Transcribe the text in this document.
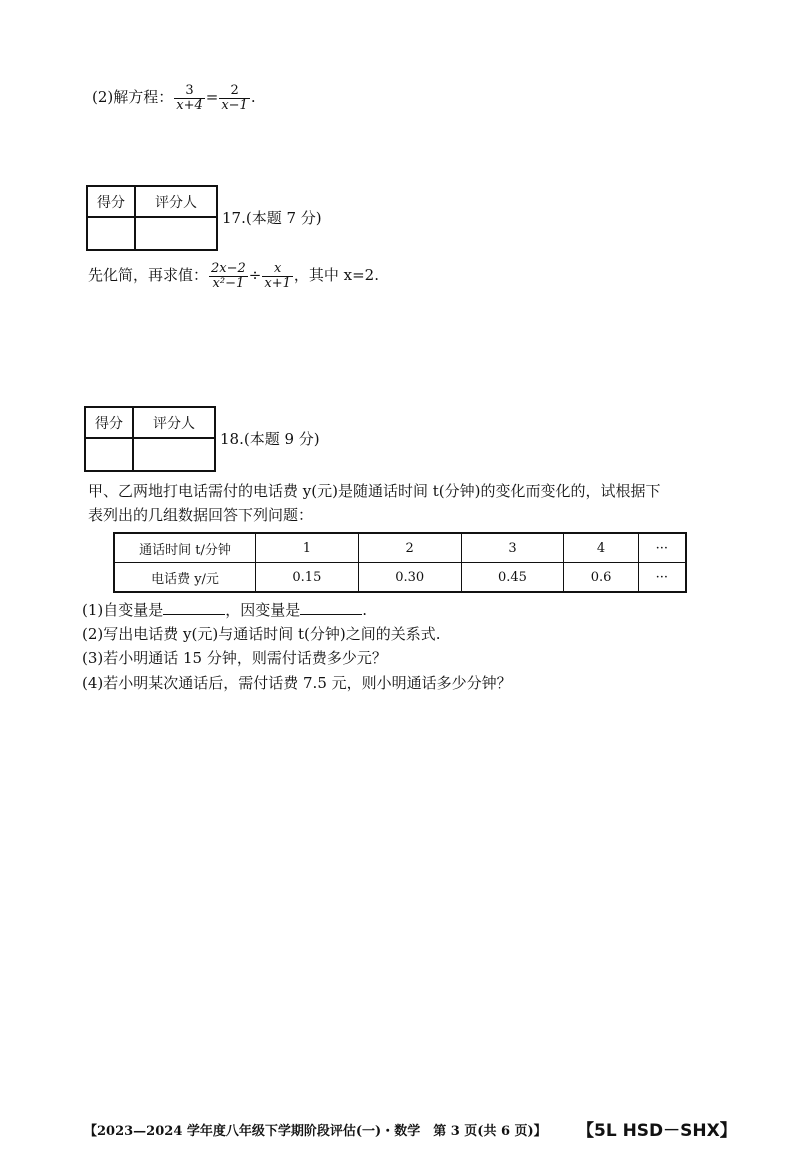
(2)解方程： $\frac{3}{x+4} = \frac{2}{x-1}$ .
得分	评分人

17.(本题 7 分)
先化简，再求值： $\frac{2x-2}{\text{x²−1}} \div \frac{x}{x+1}$ ，其中 x=2.
得分	评分人

18.(本题 9 分)
甲、乙两地打电话需付的电话费 y(元)是随通话时间 t(分钟)的变化而变化的，试根据下
表列出的几组数据回答下列问题：
通话时间 t/分钟	1	2	3	4	···
电话费 y/元	0.15	0.30	0.45	0.6	···
(1)自变量是	，因变量是	.
(2)写出电话费 y(元)与通话时间 t(分钟)之间的关系式.
(3)若小明通话 15 分钟，则需付话费多少元？
(4)若小明某次通话后，需付话费 7.5 元，则小明通话多少分钟？
【2023—2024 学年度八年级下学期阶段评估(一)・数学　第 3 页(共 6 页)】 【5L HSD－SHX】
